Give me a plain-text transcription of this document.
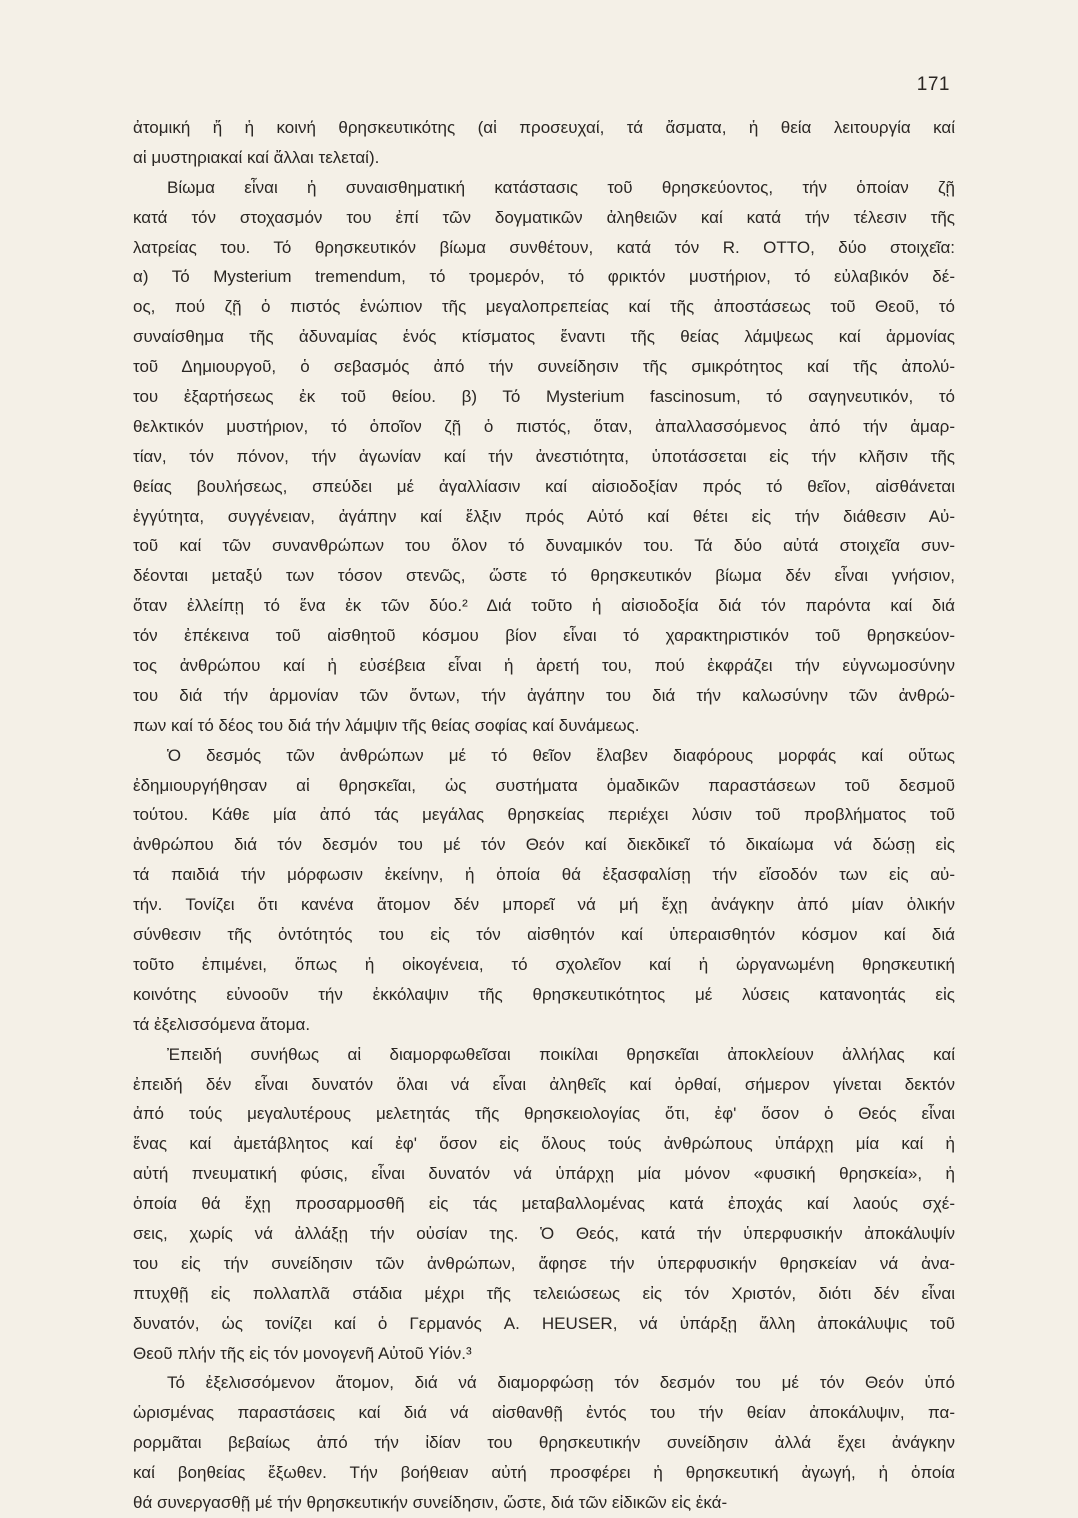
171
ἀτομική ἤ ἡ κοινή θρησκευτικότης (αἱ προσευχαί, τά ἄσματα, ἡ θεία λειτουργία καί
αἱ μυστηριακαί καί ἄλλαι τελεταί).
Βίωμα εἶναι ἡ συναισθηματική κατάστασις τοῦ θρησκεύοντος, τήν ὁποίαν ζῇ
κατά τόν στοχασμόν του ἐπί τῶν δογματικῶν ἀληθειῶν καί κατά τήν τέλεσιν τῆς
λατρείας του. Τό θρησκευτικόν βίωμα συνθέτουν, κατά τόν R. OTTO, δύο στοιχεῖα:
α) Τό Mysterium tremendum, τό τρομερόν, τό φρικτόν μυστήριον, τό εὐλαβικόν δέ-
ος, πού ζῇ ὁ πιστός ἐνώπιον τῆς μεγαλοπρεπείας καί τῆς ἀποστάσεως τοῦ Θεοῦ, τό
συναίσθημα τῆς ἀδυναμίας ἑνός κτίσματος ἔναντι τῆς θείας λάμψεως καί ἁρμονίας
τοῦ Δημιουργοῦ, ὁ σεβασμός ἀπό τήν συνείδησιν τῆς σμικρότητος καί τῆς ἀπολύ-
του ἐξαρτήσεως ἐκ τοῦ θείου. β) Τό Mysterium fascinosum, τό σαγηνευτικόν, τό
θελκτικόν μυστήριον, τό ὁποῖον ζῇ ὁ πιστός, ὅταν, ἀπαλλασσόμενος ἀπό τήν ἁμαρ-
τίαν, τόν πόνον, τήν ἀγωνίαν καί τήν ἀνεστιότητα, ὑποτάσσεται εἰς τήν κλῆσιν τῆς
θείας βουλήσεως, σπεύδει μέ ἀγαλλίασιν καί αἰσιοδοξίαν πρός τό θεῖον, αἰσθάνεται
ἐγγύτητα, συγγένειαν, ἀγάπην καί ἕλξιν πρός Αὐτό καί θέτει εἰς τήν διάθεσιν Αὐ-
τοῦ καί τῶν συνανθρώπων του ὅλον τό δυναμικόν του. Τά δύο αὐτά στοιχεῖα συν-
δέονται μεταξύ των τόσον στενῶς, ὥστε τό θρησκευτικόν βίωμα δέν εἶναι γνήσιον,
ὅταν ἐλλείπῃ τό ἕνα ἐκ τῶν δύο.² Διά τοῦτο ἡ αἰσιοδοξία διά τόν παρόντα καί διά
τόν ἐπέκεινα τοῦ αἰσθητοῦ κόσμου βίον εἶναι τό χαρακτηριστικόν τοῦ θρησκεύον-
τος ἀνθρώπου καί ἡ εὐσέβεια εἶναι ἡ ἀρετή του, πού ἐκφράζει τήν εὐγνωμοσύνην
του διά τήν ἁρμονίαν τῶν ὄντων, τήν ἀγάπην του διά τήν καλωσύνην τῶν ἀνθρώ-
πων καί τό δέος του διά τήν λάμψιν τῆς θείας σοφίας καί δυνάμεως.
Ὁ δεσμός τῶν ἀνθρώπων μέ τό θεῖον ἔλαβεν διαφόρους μορφάς καί οὕτως
ἐδημιουργήθησαν αἱ θρησκεῖαι, ὡς συστήματα ὁμαδικῶν παραστάσεων τοῦ δεσμοῦ
τούτου. Κάθε μία ἀπό τάς μεγάλας θρησκείας περιέχει λύσιν τοῦ προβλήματος τοῦ
ἀνθρώπου διά τόν δεσμόν του μέ τόν Θεόν καί διεκδικεῖ τό δικαίωμα νά δώσῃ εἰς
τά παιδιά τήν μόρφωσιν ἐκείνην, ἡ ὁποία θά ἐξασφαλίσῃ τήν εἴσοδόν των εἰς αὐ-
τήν. Τονίζει ὅτι κανένα ἄτομον δέν μπορεῖ νά μή ἔχῃ ἀνάγκην ἀπό μίαν ὁλικήν
σύνθεσιν τῆς ὀντότητός του εἰς τόν αἰσθητόν καί ὑπεραισθητόν κόσμον καί διά
τοῦτο ἐπιμένει, ὅπως ἡ οἰκογένεια, τό σχολεῖον καί ἡ ὠργανωμένη θρησκευτική
κοινότης εὐνοοῦν τήν ἐκκόλαψιν τῆς θρησκευτικότητος μέ λύσεις κατανοητάς εἰς
τά ἐξελισσόμενα ἄτομα.
Ἐπειδή συνήθως αἱ διαμορφωθεῖσαι ποικίλαι θρησκεῖαι ἀποκλείουν ἀλλήλας καί
ἐπειδή δέν εἶναι δυνατόν ὅλαι νά εἶναι ἀληθεῖς καί ὀρθαί, σήμερον γίνεται δεκτόν
ἀπό τούς μεγαλυτέρους μελετητάς τῆς θρησκειολογίας ὅτι, ἐφ' ὅσον ὁ Θεός εἶναι
ἕνας καί ἀμετάβλητος καί ἐφ' ὅσον εἰς ὅλους τούς ἀνθρώπους ὑπάρχῃ μία καί ἡ
αὐτή πνευματική φύσις, εἶναι δυνατόν νά ὑπάρχῃ μία μόνον «φυσική θρησκεία», ἡ
ὁποία θά ἔχῃ προσαρμοσθῆ εἰς τάς μεταβαλλομένας κατά ἐποχάς καί λαούς σχέ-
σεις, χωρίς νά ἀλλάξῃ τήν οὐσίαν της. Ὁ Θεός, κατά τήν ὑπερφυσικήν ἀποκάλυψίν
του εἰς τήν συνείδησιν τῶν ἀνθρώπων, ἄφησε τήν ὑπερφυσικήν θρησκείαν νά ἀνα-
πτυχθῇ εἰς πολλαπλᾶ στάδια μέχρι τῆς τελειώσεως εἰς τόν Χριστόν, διότι δέν εἶναι
δυνατόν, ὡς τονίζει καί ὁ Γερμανός A. HEUSER, νά ὑπάρξῃ ἄλλη ἀποκάλυψις τοῦ
Θεοῦ πλήν τῆς εἰς τόν μονογενῆ Αὐτοῦ Υἱόν.³
Τό ἐξελισσόμενον ἄτομον, διά νά διαμορφώσῃ τόν δεσμόν του μέ τόν Θεόν ὑπό
ὡρισμένας παραστάσεις καί διά νά αἰσθανθῇ ἐντός του τήν θείαν ἀποκάλυψιν, πα-
ρορμᾶται βεβαίως ἀπό τήν ἰδίαν του θρησκευτικήν συνείδησιν ἀλλά ἔχει ἀνάγκην
καί βοηθείας ἔξωθεν. Τήν βοήθειαν αὐτή προσφέρει ἡ θρησκευτική ἀγωγή, ἡ ὁποία
θά συνεργασθῇ μέ τήν θρησκευτικήν συνείδησιν, ὥστε, διά τῶν εἰδικῶν εἰς ἑκά-
